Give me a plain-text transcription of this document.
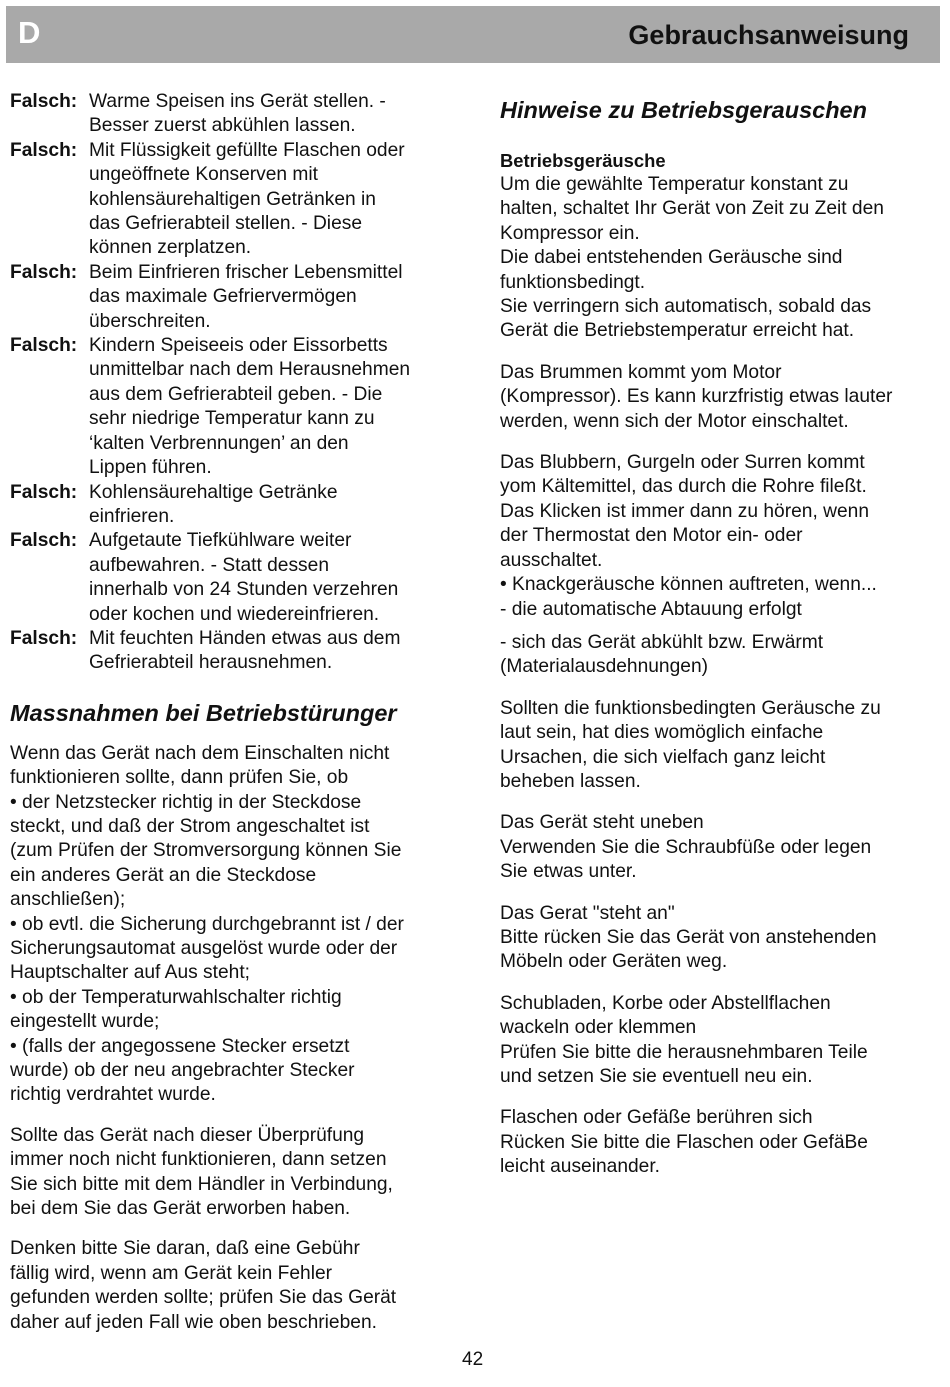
D	Gebrauchsanweisung
Falsch: Warme Speisen ins Gerät stellen. -
Besser zuerst abkühlen lassen.
Falsch: Mit Flüssigkeit gefüllte Flaschen oder
ungeöffnete Konserven mit
kohlensäurehaltigen Getränken in
das Gefrierabteil stellen. - Diese
können zerplatzen.
Falsch: Beim Einfrieren frischer Lebensmittel
das maximale Gefriervermögen
überschreiten.
Falsch: Kindern Speiseeis oder Eissorbetts
unmittelbar nach dem Herausnehmen
aus dem Gefrierabteil geben. - Die
sehr niedrige Temperatur kann zu
‘kalten Verbrennungen’ an den
Lippen führen.
Falsch: Kohlensäurehaltige Getränke
einfrieren.
Falsch: Aufgetaute Tiefkühlware weiter
aufbewahren. - Statt dessen
innerhalb von 24 Stunden verzehren
oder kochen und wiedereinfrieren.
Falsch: Mit feuchten Händen etwas aus dem
Gefrierabteil herausnehmen.
Massnahmen bei Betriebstürunger
Wenn das Gerät nach dem Einschalten nicht
funktionieren sollte, dann prüfen Sie, ob
• der Netzstecker richtig in der Steckdose
steckt, und daß der Strom angeschaltet ist
(zum Prüfen der Stromversorgung können Sie
ein anderes Gerät an die Steckdose
anschließen);
• ob evtl. die Sicherung durchgebrannt ist / der
Sicherungsautomat ausgelöst wurde oder der
Hauptschalter auf Aus steht;
• ob der Temperaturwahlschalter richtig
eingestellt wurde;
• (falls der angegossene Stecker ersetzt
wurde) ob der neu angebrachter Stecker
richtig verdrahtet wurde.
Sollte das Gerät nach dieser Überprüfung
immer noch nicht funktionieren, dann setzen
Sie sich bitte mit dem Händler in Verbindung,
bei dem Sie das Gerät erworben haben.
Denken bitte Sie daran, daß eine Gebühr
fällig wird, wenn am Gerät kein Fehler
gefunden werden sollte; prüfen Sie das Gerät
daher auf jeden Fall wie oben beschrieben.
Hinweise zu Betriebsgerauschen
Betriebsgeräusche
Um die gewählte Temperatur konstant zu
halten, schaltet Ihr Gerät von Zeit zu Zeit den
Kompressor ein.
Die dabei entstehenden Geräusche sind
funktionsbedingt.
Sie verringern sich automatisch, sobald das
Gerät die Betriebstemperatur erreicht hat.
Das Brummen kommt yom Motor
(Kompressor). Es kann kurzfristig etwas lauter
werden, wenn sich der Motor einschaltet.
Das Blubbern, Gurgeln oder Surren kommt
yom Kältemittel, das durch die Rohre fileßt.
Das Klicken ist immer dann zu hören, wenn
der Thermostat den Motor ein- oder
ausschaltet.
• Knackgeräusche können auftreten, wenn...
- die automatische Abtauung erfolgt
- sich das Gerät abkühlt bzw. Erwärmt
(Materialausdehnungen)
Sollten die funktionsbedingten Geräusche zu
laut sein, hat dies womöglich einfache
Ursachen, die sich vielfach ganz leicht
beheben lassen.
Das Gerät steht uneben
Verwenden Sie die Schraubfüße oder legen
Sie etwas unter.
Das Gerat "steht an"
Bitte rücken Sie das Gerät von anstehenden
Möbeln oder Geräten weg.
Schubladen, Korbe oder Abstellflachen
wackeln oder klemmen
Prüfen Sie bitte die herausnehmbaren Teile
und setzen Sie sie eventuell neu ein.
Flaschen oder Gefäße berühren sich
Rücken Sie bitte die Flaschen oder GefäBe
leicht auseinander.
42
